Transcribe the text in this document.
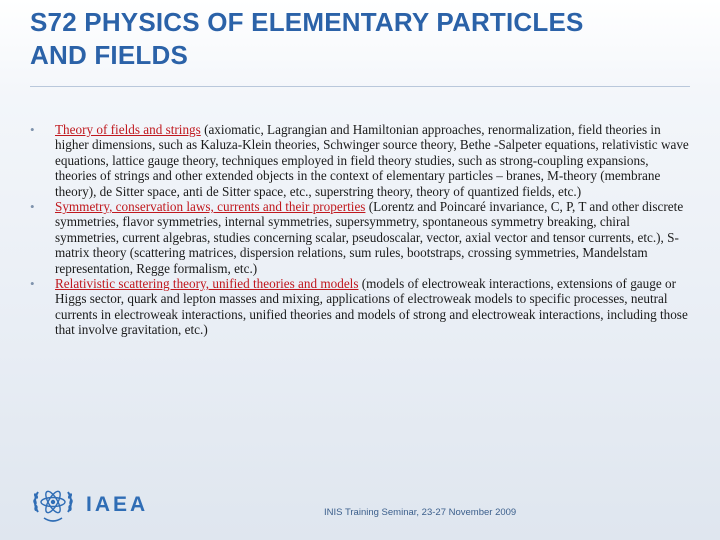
S72 PHYSICS OF ELEMENTARY PARTICLES
AND FIELDS
• Theory of fields and strings (axiomatic, Lagrangian and Hamiltonian approaches, renormalization, field theories in higher dimensions, such as Kaluza-Klein theories, Schwinger source theory, Bethe -Salpeter equations, relativistic wave equations, lattice gauge theory, techniques employed in field theory studies, such as strong-coupling expansions, theories of strings and other extended objects in the context of elementary particles – branes, M-theory (membrane theory), de Sitter space, anti de Sitter space, etc., superstring theory, theory of quantized fields, etc.)
• Symmetry, conservation laws, currents and their properties (Lorentz and Poincaré invariance, C, P, T and other discrete symmetries, flavor symmetries, internal symmetries, supersymmetry, spontaneous symmetry breaking, chiral symmetries, current algebras, studies concerning scalar, pseudoscalar, vector, axial vector and tensor currents, etc.), S-matrix theory (scattering matrices, dispersion relations, sum rules, bootstraps, crossing symmetries, Mandelstam representation, Regge formalism, etc.)
• Relativistic scattering theory, unified theories and models (models of electroweak interactions, extensions of gauge or Higgs sector, quark and lepton masses and mixing, applications of electroweak models to specific processes, neutral currents in electroweak interactions, unified theories and models of strong and electroweak interactions, including those that involve gravitation, etc.)
IAEA	INIS Training Seminar, 23-27 November 2009
